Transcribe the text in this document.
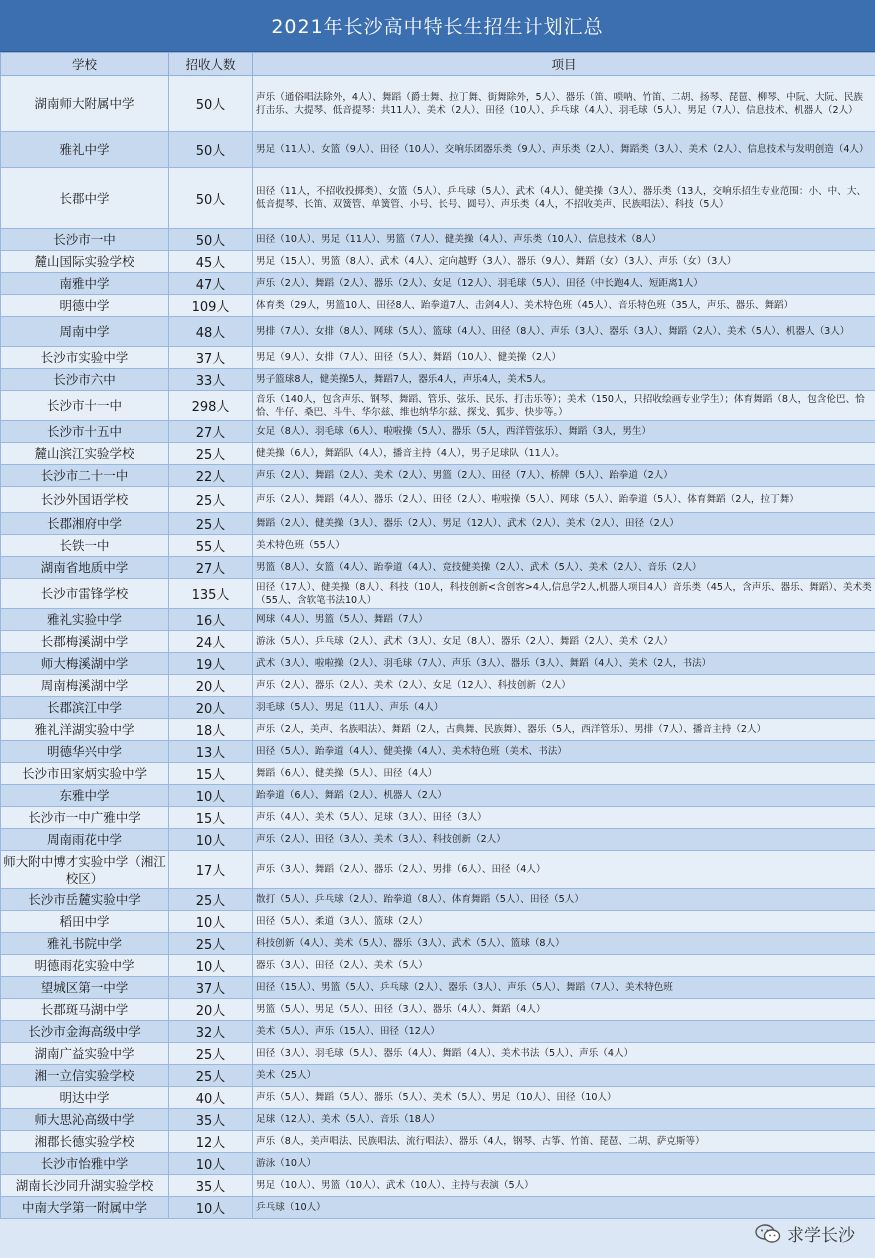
2021年长沙高中特长生招生计划汇总
学校	招收人数	项目
湖南师大附属中学	50人	声乐（通俗唱法除外，4人）、舞蹈（爵士舞、拉丁舞、街舞除外，5人）、器乐（笛、唢呐、竹笛、二胡、扬琴、琵琶、柳琴、中阮、大阮、民族打击乐、大提琴、低音提琴：共11人）、美术（2人）、田径（10人）、乒乓球（4人）、羽毛球（5人）、男足（7人）、信息技术、机器人（2人）
雅礼中学	50人	男足（11人）、女篮（9人）、田径（10人）、交响乐团器乐类（9人）、声乐类（2人）、舞蹈类（3人）、美术（2人）、信息技术与发明创造（4人）
长郡中学	50人	田径（11人，不招收投掷类）、女篮（5人）、乒乓球（5人）、武术（4人）、健美操（3人）、器乐类（13人，交响乐招生专业范围：小、中、大、低音提琴、长笛、双簧管、单簧管、小号、长号、圆号）、声乐类（4人，不招收美声、民族唱法）、科技（5人）
长沙市一中	50人	田径（10人）、男足（11人）、男篮（7人）、健美操（4人）、声乐类（10人）、信息技术（8人）
麓山国际实验学校	45人	男足（15人）、男篮（8人）、武术（4人）、定向越野（3人）、器乐（9人）、舞蹈（女）（3人）、声乐（女）（3人）
南雅中学	47人	声乐（2人）、舞蹈（2人）、器乐（2人）、女足（12人）、羽毛球（5人）、田径（中长跑4人、短距离1人）
明德中学	109人	体育类（29人，男篮10人、田径8人、跆拳道7人、击剑4人）、美术特色班（45人）、音乐特色班（35人，声乐、器乐、舞蹈）
周南中学	48人	男排（7人）、女排（8人）、网球（5人）、篮球（4人）、田径（8人）、声乐（3人）、器乐（3人）、舞蹈（2人）、美术（5人）、机器人（3人）
长沙市实验中学	37人	男足（9人）、女排（7人）、田径（5人）、舞蹈（10人）、健美操（2人）
长沙市六中	33人	男子篮球8人，健美操5人，舞蹈7人，器乐4人，声乐4人，美术5人。
长沙市十一中	298人	音乐（140人，包含声乐、钢琴、舞蹈、管乐、弦乐、民乐、打击乐等）；美术（150人，只招收绘画专业学生）；体育舞蹈（8人，包含伦巴、恰恰、牛仔、桑巴、斗牛、华尔兹、维也纳华尔兹、探戈、狐步、快步等。）
长沙市十五中	27人	女足（8人）、羽毛球（6人）、啦啦操（5人）、器乐（5人，西洋管弦乐）、舞蹈（3人，男生）
麓山滨江实验学校	25人	健美操（6人），舞蹈队（4人），播音主持（4人），男子足球队（11人）。
长沙市二十一中	22人	声乐（2人）、舞蹈（2人）、美术（2人）、男篮（2人）、田径（7人）、桥牌（5人）、跆拳道（2人）
长沙外国语学校	25人	声乐（2人）、舞蹈（4人）、器乐（2人）、田径（2人）、啦啦操（5人）、网球（5人）、跆拳道（5人）、体育舞蹈（2人，拉丁舞）
长郡湘府中学	25人	舞蹈（2人）、健美操（3人）、器乐（2人）、男足（12人）、武术（2人）、美术（2人）、田径（2人）
长铁一中	55人	美术特色班（55人）
湖南省地质中学	27人	男篮（8人）、女篮（4人）、跆拳道（4人）、竞技健美操（2人）、武术（5人）、美术（2人）、音乐（2人）
长沙市雷锋学校	135人	田径（17人）、健美操（8人）、科技（10人，科技创新<含创客>4人,信息学2人,机器人项目4人）音乐类（45人，含声乐、器乐、舞蹈）、美术类（55人、含软笔书法10人）
雅礼实验中学	16人	网球（4人）、男篮（5人）、舞蹈（7人）
长郡梅溪湖中学	24人	游泳（5人）、乒乓球（2人）、武术（3人）、女足（8人）、器乐（2人）、舞蹈（2人）、美术（2人）
师大梅溪湖中学	19人	武术（3人）、啦啦操（2人）、羽毛球（7人）、声乐（3人）、器乐（3人）、舞蹈（4人）、美术（2人，书法）
周南梅溪湖中学	20人	声乐（2人）、器乐（2人）、美术（2人）、女足（12人）、科技创新（2人）
长郡滨江中学	20人	羽毛球（5人）、男足（11人）、声乐（4人）
雅礼洋湖实验中学	18人	声乐（2人，美声、名族唱法）、舞蹈（2人，古典舞、民族舞）、器乐（5人，西洋管乐）、男排（7人）、播音主持（2人）
明德华兴中学	13人	田径（5人）、跆拳道（4人）、健美操（4人）、美术特色班（美术、书法）
长沙市田家炳实验中学	15人	舞蹈（6人）、健美操（5人）、田径（4人）
东雅中学	10人	跆拳道（6人）、舞蹈（2人）、机器人（2人）
长沙市一中广雅中学	15人	声乐（4人）、美术（5人）、足球（3人）、田径（3人）
周南雨花中学	10人	声乐（2人）、田径（3人）、美术（3人）、科技创新（2人）
师大附中博才实验中学（湘江校区）	17人	声乐（3人）、舞蹈（2人）、器乐（2人）、男排（6人）、田径（4人）
长沙市岳麓实验中学	25人	散打（5人）、乒乓球（2人）、跆拳道（8人）、体育舞蹈（5人）、田径（5人）
稻田中学	10人	田径（5人）、柔道（3人）、篮球（2人）
雅礼书院中学	25人	科技创新（4人）、美术（5人）、器乐（3人）、武术（5人）、篮球（8人）
明德雨花实验中学	10人	器乐（3人）、田径（2人）、美术（5人）
望城区第一中学	37人	田径（15人）、男篮（5人）、乒乓球（2人）、器乐（3人）、声乐（5人）、舞蹈（7人）、美术特色班
长郡斑马湖中学	20人	男篮（5人）、男足（5人）、田径（3人）、器乐（4人）、舞蹈（4人）
长沙市金海高级中学	32人	美术（5人）、声乐（15人）、田径（12人）
湖南广益实验中学	25人	田径（3人）、羽毛球（5人）、器乐（4人）、舞蹈（4人）、美术书法（5人）、声乐（4人）
湘一立信实验学校	25人	美术（25人）
明达中学	40人	声乐（5人）、舞蹈（5人）、器乐（5人）、美术（5人）、男足（10人）、田径（10人）
师大思沁高级中学	35人	足球（12人）、美术（5人）、音乐（18人）
湘郡长德实验学校	12人	声乐（8人，美声唱法、民族唱法、流行唱法）、器乐（4人，钢琴、古筝、竹笛、琵琶、二胡、萨克斯等）
长沙市怡雅中学	10人	游泳（10人）
湖南长沙同升湖实验学校	35人	男足（10人）、男篮（10人）、武术（10人）、主持与表演（5人）
中南大学第一附属中学	10人	乒乓球（10人）
求学长沙
